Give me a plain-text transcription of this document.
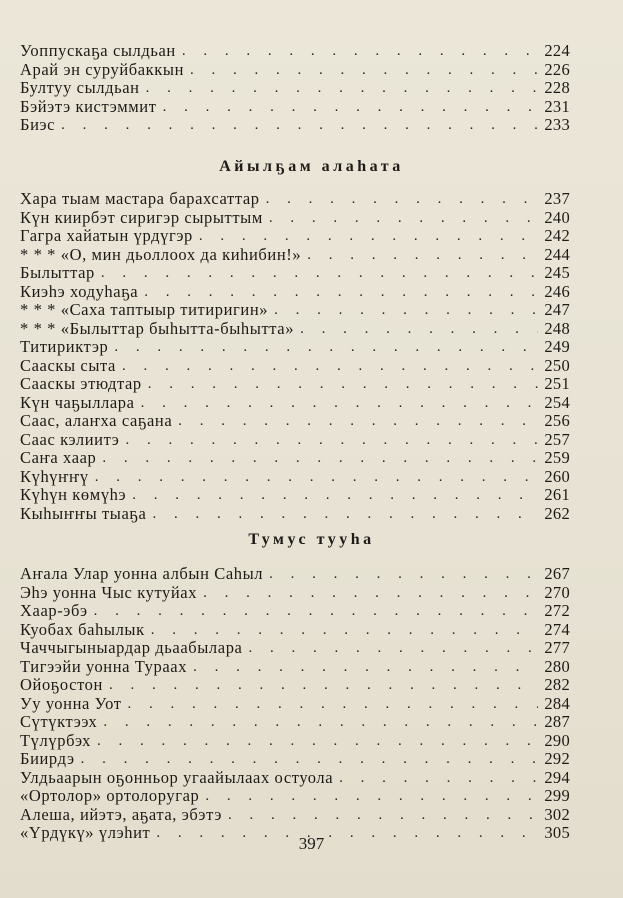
Уоппускаҕа сылдьан . . .	224
Арай эн суруйбаккын . . .	226
Бултуу сылдьан . . .	228
Бэйэтэ кистэммит . . .	231
Биэс . . .	233
Айылҕам алаһата
Хара тыам мастара барахсаттар . . .	237
Күн киирбэт сиригэр сырыттым . . .	240
Гагра хайатын үрдүгэр . . .	242
* * * «О, мин дьоллоох да киһибин!» . . .	244
Былыттар . . .	245
Киэһэ ходуһаҕа . . .	246
* * * «Саха таптыыр титиригин» . . .	247
* * * «Былыттар быһытта-быһытта» . . .	248
Титириктэр . . .	249
Сааскы сыта . . .	250
Сааскы этюдтар . . .	251
Күн чаҕыллара . . .	254
Саас, алаҥха саҕана . . .	256
Саас кэлиитэ . . .	257
Саҥа хаар . . .	259
Күһүҥҥү . . .	260
Күһүн көмүһэ . . .	261
Кыһыҥҥы тыаҕа . . .	262
Тумус тууһа
Аҥала Улар уонна албын Саһыл . . .	267
Эһэ уонна Чыс кутуйах . . .	270
Хаар-эбэ . . .	272
Куобах баһылык . . .	274
Чаччыгыныардар дьаабылара . . .	277
Тигээйи уонна Тураах . . .	280
Ойоҕостон . . .	282
Уу уонна Уот . . .	284
Сүтүктээх . . .	287
Түлүрбэх . . .	290
Биирдэ . . .	292
Улдьаарын оҕонньор угаайылаах остуола . . .	294
«Ортолор» ортолоругар . . .	299
Алеша, ийэтэ, аҕата, эбэтэ . . .	302
«Үрдүкү» үлэһит . . .	305
397
